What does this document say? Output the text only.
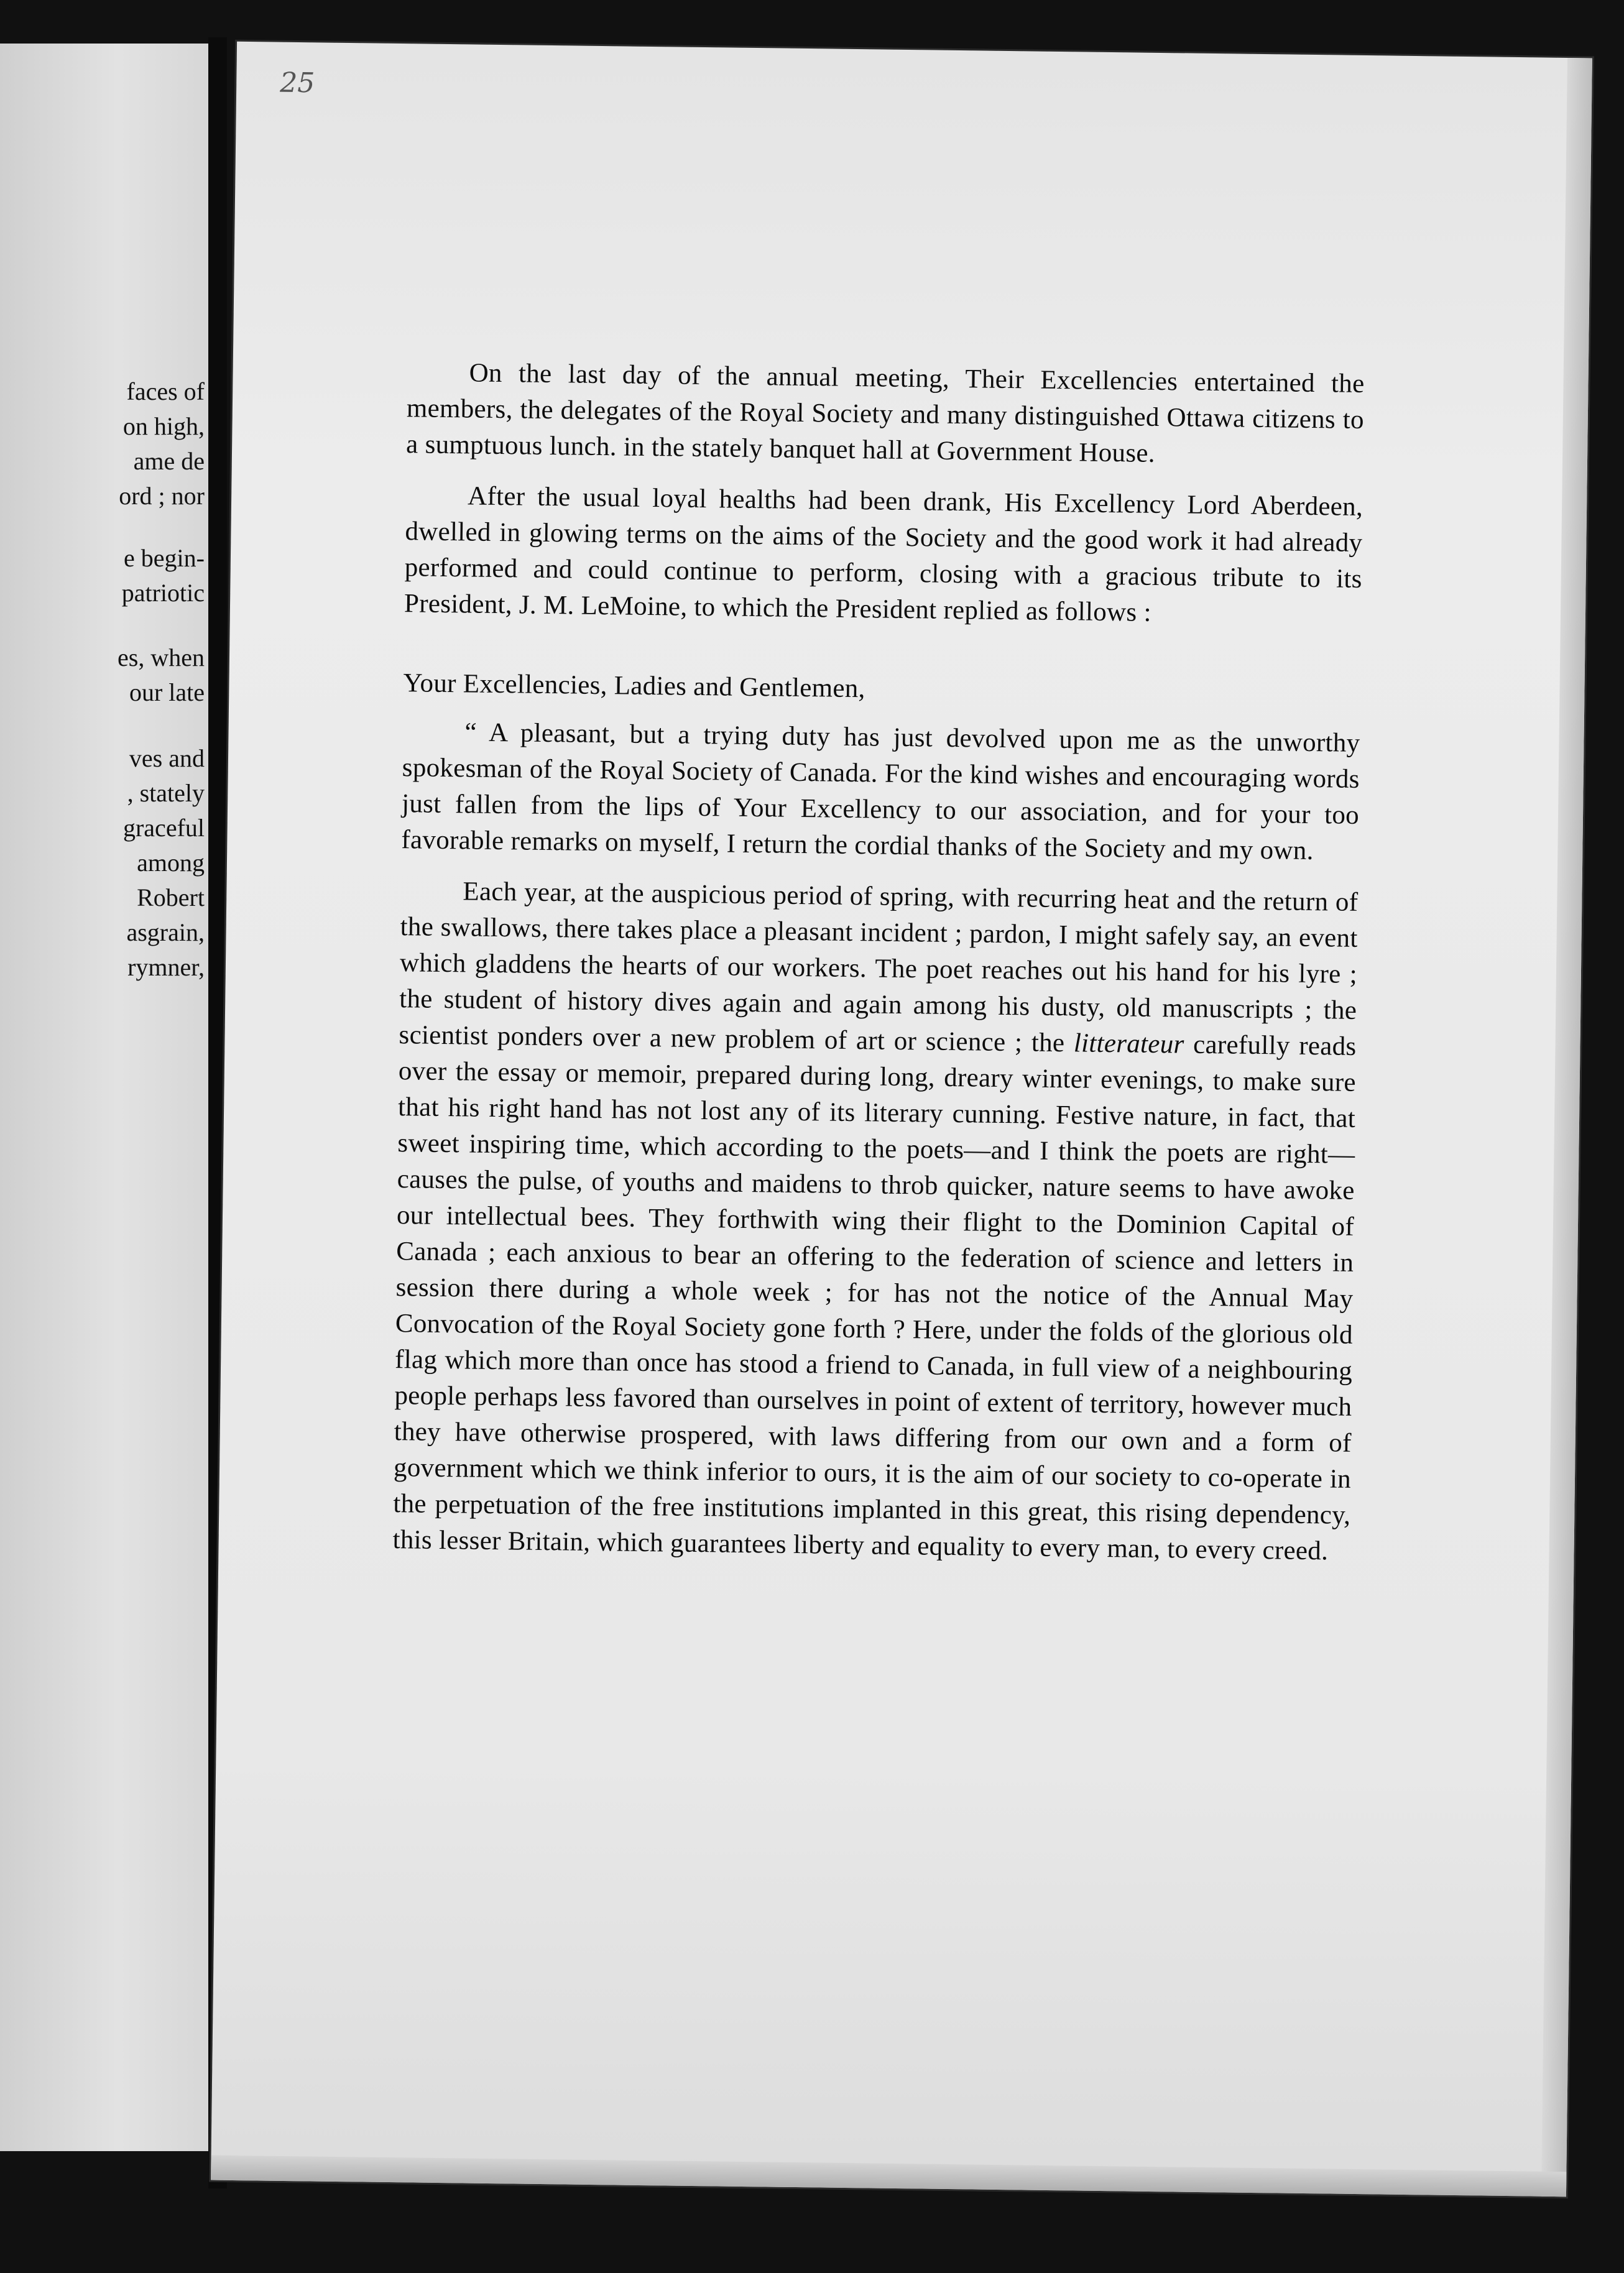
faces of
on high,
ame de
ord ; nor
e begin-
patriotic
es, when
our late
ves and
, stately
graceful
among
Robert
asgrain,
rymner,
25

On the last day of the annual meeting, Their Excellencies entertained the members, the delegates of the Royal Society and many distinguished Ottawa citizens to a sumptuous lunch. in the stately banquet hall at Government House.

After the usual loyal healths had been drank, His Excellency Lord Aberdeen, dwelled in glowing terms on the aims of the Society and the good work it had already performed and could continue to perform, closing with a gracious tribute to its President, J. M. LeMoine, to which the President replied as follows :

Your Excellencies, Ladies and Gentlemen,

“ A pleasant, but a trying duty has just devolved upon me as the unworthy spokesman of the Royal Society of Canada. For the kind wishes and encouraging words just fallen from the lips of Your Excellency to our association, and for your too favorable remarks on myself, I return the cordial thanks of the Society and my own.

Each year, at the auspicious period of spring, with recurring heat and the return of the swallows, there takes place a pleasant incident ; pardon, I might safely say, an event which gladdens the hearts of our workers. The poet reaches out his hand for his lyre ; the student of history dives again and again among his dusty, old manuscripts ; the scientist ponders over a new problem of art or science ; the litterateur carefully reads over the essay or memoir, prepared during long, dreary winter evenings, to make sure that his right hand has not lost any of its literary cunning. Festive nature, in fact, that sweet inspiring time, which according to the poets—and I think the poets are right—causes the pulse, of youths and maidens to throb quicker, nature seems to have awoke our intellectual bees. They forthwith wing their flight to the Dominion Capital of Canada ; each anxious to bear an offering to the federation of science and letters in session there during a whole week ; for has not the notice of the Annual May Convocation of the Royal Society gone forth ? Here, under the folds of the glorious old flag which more than once has stood a friend to Canada, in full view of a neighbouring people perhaps less favored than ourselves in point of extent of territory, however much they have otherwise prospered, with laws differing from our own and a form of government which we think inferior to ours, it is the aim of our society to co-operate in the perpetuation of the free institutions implanted in this great, this rising dependency, this lesser Britain, which guarantees liberty and equality to every man, to every creed.
